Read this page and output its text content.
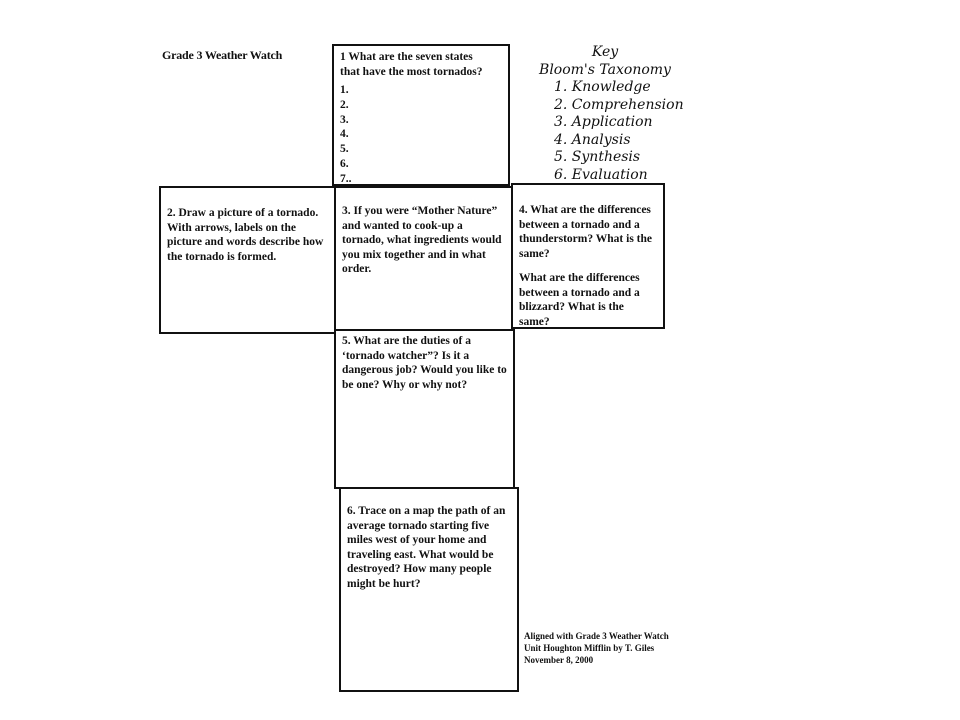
Grade 3 Weather Watch	Key
Bloom's Taxonomy
1. Knowledge
2. Comprehension
3. Application
4. Analysis
5. Synthesis
6. Evaluation
1 What are the seven states
that have the most tornados?
1.
2.
3.
4.
5.
6.
7..

2. Draw a picture of a tornado. With arrows, labels on the picture and words describe how the tornado is formed.

3. If you were “Mother Nature” and wanted to cook-up a tornado, what ingredients would you mix together and in what order.

4. What are the differences between a tornado and a thunderstorm? What is the same?

What are the differences between a tornado and a blizzard? What is the same?

5. What are the duties of a ‘tornado watcher”? Is it a dangerous job? Would you like to be one? Why or why not?

6. Trace on a map the path of an average tornado starting five miles west of your home and traveling east. What would be destroyed? How many people might be hurt?

Aligned with Grade 3 Weather Watch
Unit Houghton Mifflin by T. Giles
November 8, 2000
